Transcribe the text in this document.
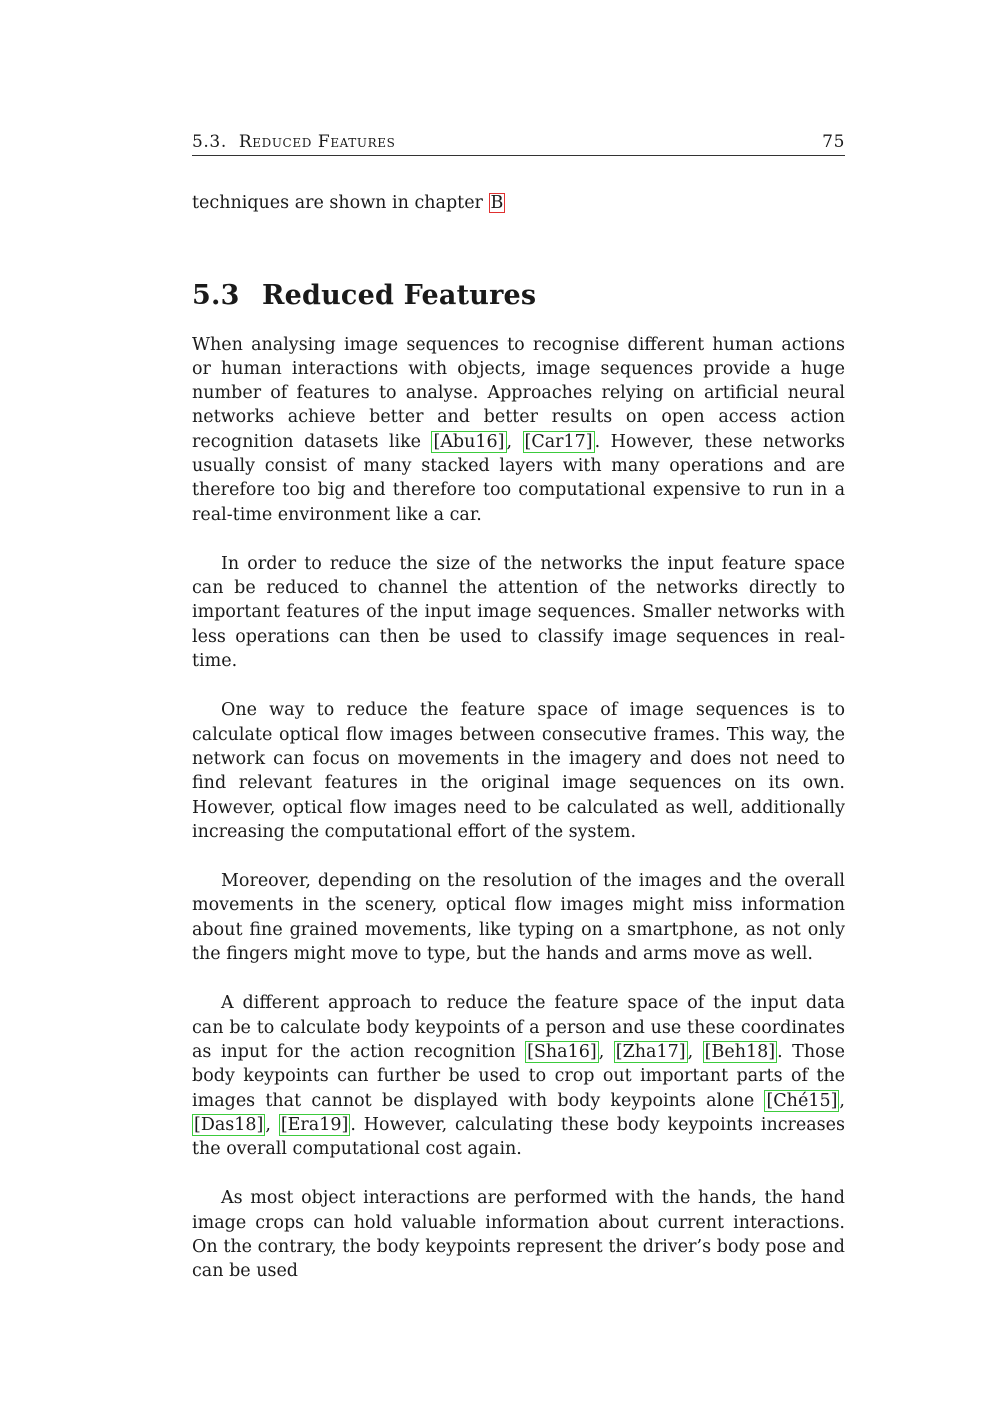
5.3. Reduced Features	75

techniques are shown in chapter B

5.3 Reduced Features

When analysing image sequences to recognise different human actions or human interactions with objects, image sequences provide a huge number of features to analyse. Approaches relying on artificial neural networks achieve better and better results on open access action recognition datasets like [Abu16] , [Car17] . However, these networks usually consist of many stacked layers with many operations and are therefore too big and therefore too computational expensive to run in a real-time environment like a car.

In order to reduce the size of the networks the input feature space can be reduced to channel the attention of the networks directly to important features of the input image sequences. Smaller networks with less operations can then be used to classify image sequences in real-time.

One way to reduce the feature space of image sequences is to calculate optical flow images between consecutive frames. This way, the network can focus on movements in the imagery and does not need to find relevant features in the original image sequences on its own. However, optical flow images need to be calculated as well, additionally increasing the computational effort of the system.

Moreover, depending on the resolution of the images and the overall movements in the scenery, optical flow images might miss information about fine grained movements, like typing on a smartphone, as not only the fingers might move to type, but the hands and arms move as well.

A different approach to reduce the feature space of the input data can be to calculate body keypoints of a person and use these coordinates as input for the action recognition [Sha16] , [Zha17] , [Beh18] . Those body keypoints can further be used to crop out important parts of the images that cannot be displayed with body keypoints alone [Ché15] , [Das18] , [Era19] . However, calculating these body keypoints increases the overall computational cost again.

As most object interactions are performed with the hands, the hand image crops can hold valuable information about current interactions. On the contrary, the body keypoints represent the driver’s body pose and can be used
